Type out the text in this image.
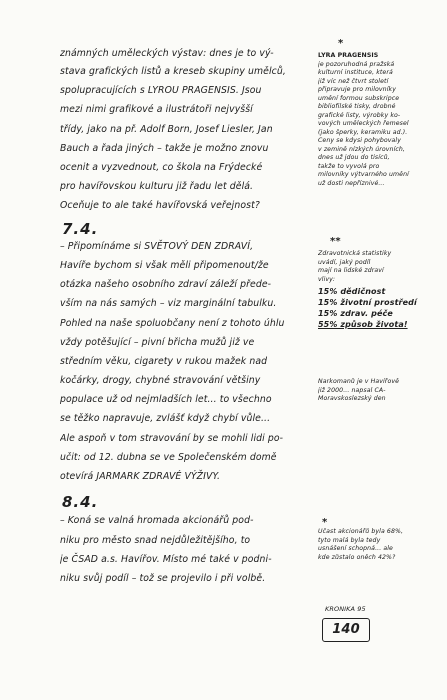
známných uměleckých výstav: dnes je to vý-
stava grafických listů a kreseb skupiny umělců,
spolupracujících s LYROU PRAGENSIS. Jsou
mezi nimi grafikové a ilustrátoři nejvyšší
třídy, jako na př. Adolf Born, Josef Liesler, Jan
Bauch a řada jiných – takže je možno znovu
ocenit a vyzvednout, co škola na Frýdecké
pro havířovskou kulturu již řadu let dělá.
Oceňuje to ale také havířovská veřejnost?
7.4.
– Připomínáme si SVĚTOVÝ DEN ZDRAVÍ,
Havíře bychom si však měli připomenout/že
otázka našeho osobního zdraví záleží přede-
vším na nás samých – viz marginální tabulku.
Pohled na naše spoluobčany není z tohoto úhlu
vždy potěšující – pivní břicha mužů již ve
středním věku, cigarety v rukou mažek nad
kočárky, drogy, chybné stravování většiny
populace už od nejmladších let... to všechno
se těžko napravuje, zvlášť když chybí vůle...
Ale aspoň v tom stravování by se mohli lidi po-
učit: od 12. dubna se ve Společenském domě
otevírá JARMARK ZDRAVÉ VÝŽIVY.
8.4.
– Koná se valná hromada akcionářů pod-
niku pro město snad nejdůležitějšího, to
je ČSAD a.s. Havířov. Místo mé také v podni-
niku svůj podíl – tož se projevilo i při volbě.
*
LYRA PRAGENSIS
je pozoruhodná pražská
kulturní instituce, která
již víc než čtvrt století
připravuje pro milovníky
umění formou subskripce
bibliofilské tisky, drobné
grafické listy, výrobky ko-
vových uměleckých řemesel
(jako šperky, keramiku ad.).
Ceny se kdysi pohybovaly
v zemině nízkých úrovních,
dnes už jdou do tisíců,
takže to vyvolá pro
milovníky výtvarného umění
už dosti nepříznivé...
**
Zdravotnická statistiky
uvádí, jaký podíl
mají na lidské zdraví
vlivy:
15% dědičnost
15% životní prostředí
15% zdrav. péče
55% způsob života!
Narkomanů je v Havířově
již 2000... napsal ČA-
Moravskoslezský den
*
Účast akcionářů byla 68%,
tyto malá byla tedy
usnášení schopná... ale
kde zůstalo oněch 42%?
KRONIKA 95
140
